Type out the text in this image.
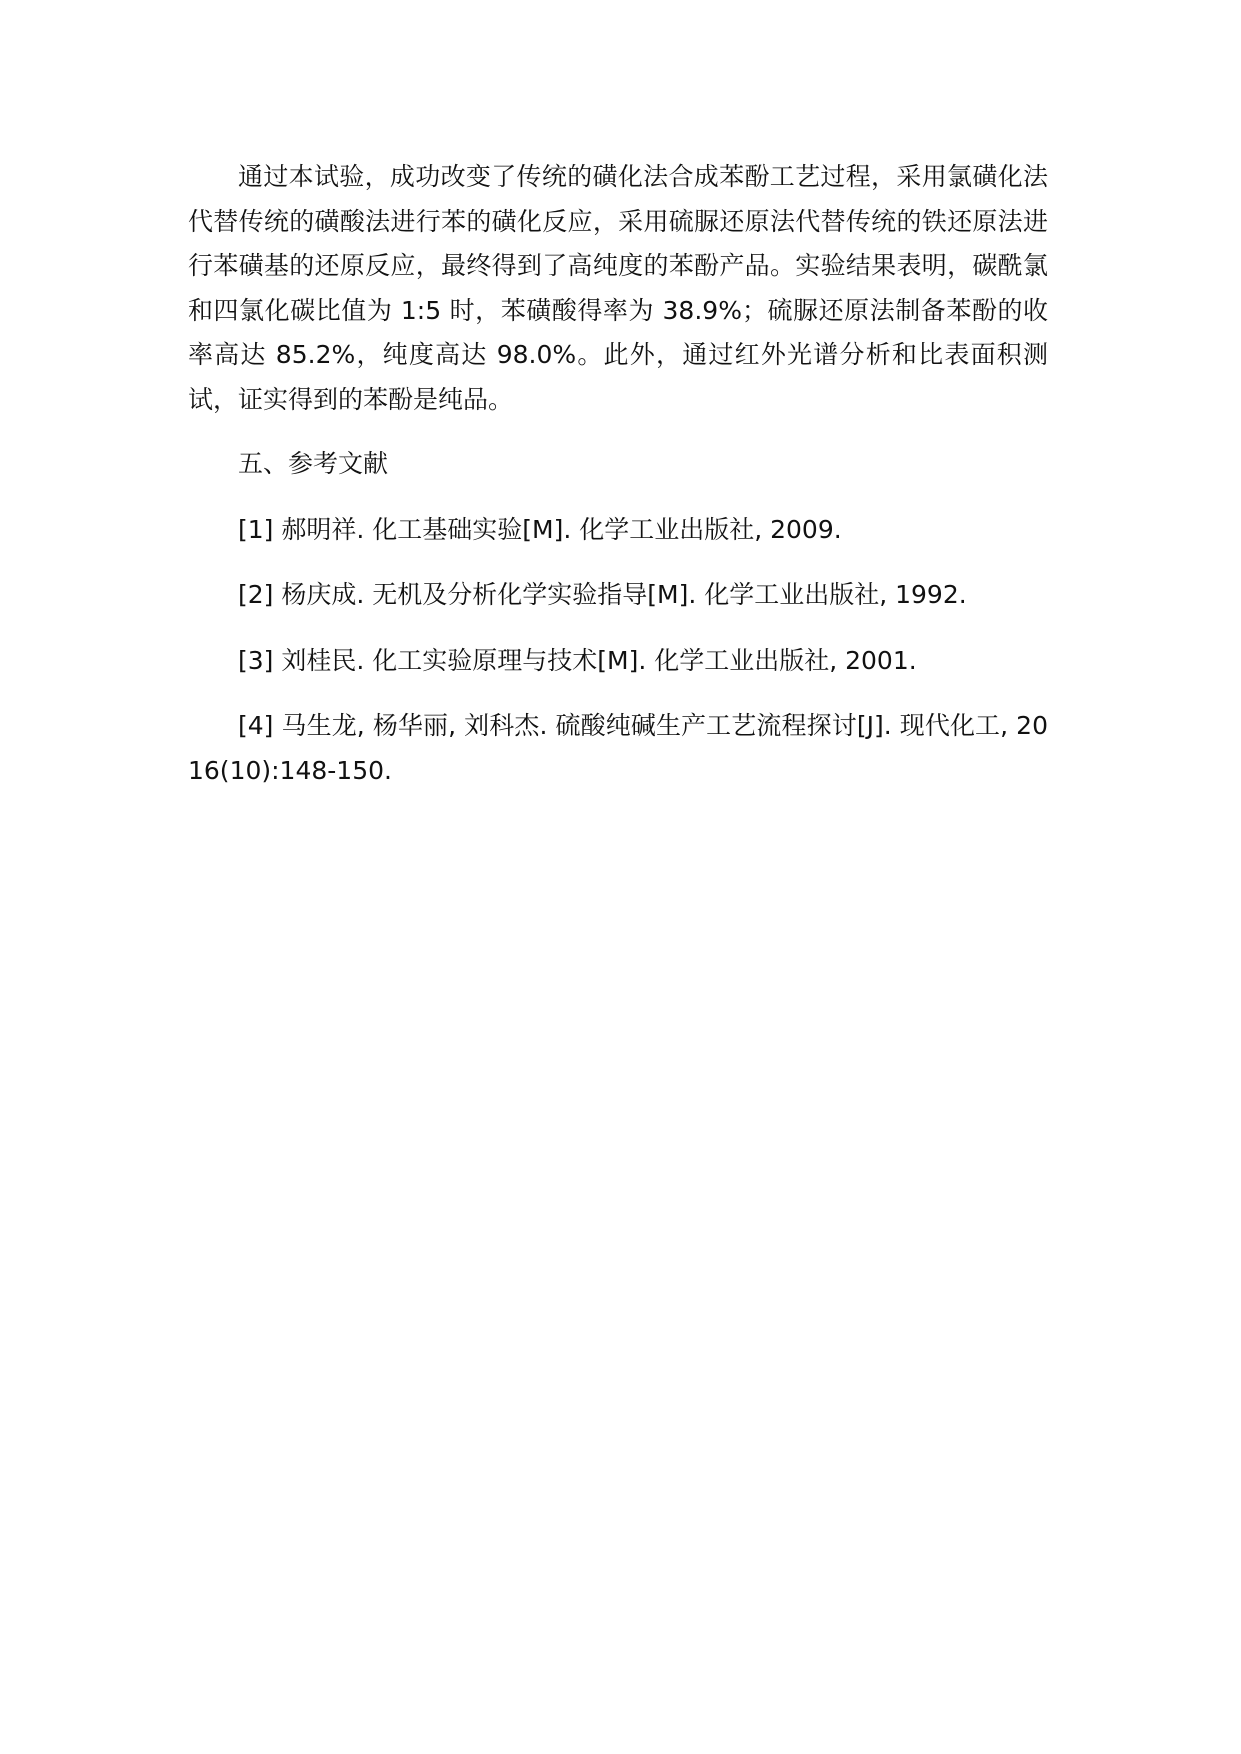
通过本试验，成功改变了传统的磺化法合成苯酚工艺过程，采用氯磺化法代替传统的磺酸法进行苯的磺化反应，采用硫脲还原法代替传统的铁还原法进行苯磺基的还原反应，最终得到了高纯度的苯酚产品。实验结果表明，碳酰氯和四氯化碳比值为 1:5 时，苯磺酸得率为 38.9%；硫脲还原法制备苯酚的收率高达 85.2%，纯度高达 98.0%。此外，通过红外光谱分析和比表面积测试，证实得到的苯酚是纯品。

五、参考文献

[1] 郝明祥. 化工基础实验[M]. 化学工业出版社, 2009.

[2] 杨庆成. 无机及分析化学实验指导[M]. 化学工业出版社, 1992.

[3] 刘桂民. 化工实验原理与技术[M]. 化学工业出版社, 2001.

[4] 马生龙, 杨华丽, 刘科杰. 硫酸纯碱生产工艺流程探讨[J]. 现代化工, 2016(10):148-150.
